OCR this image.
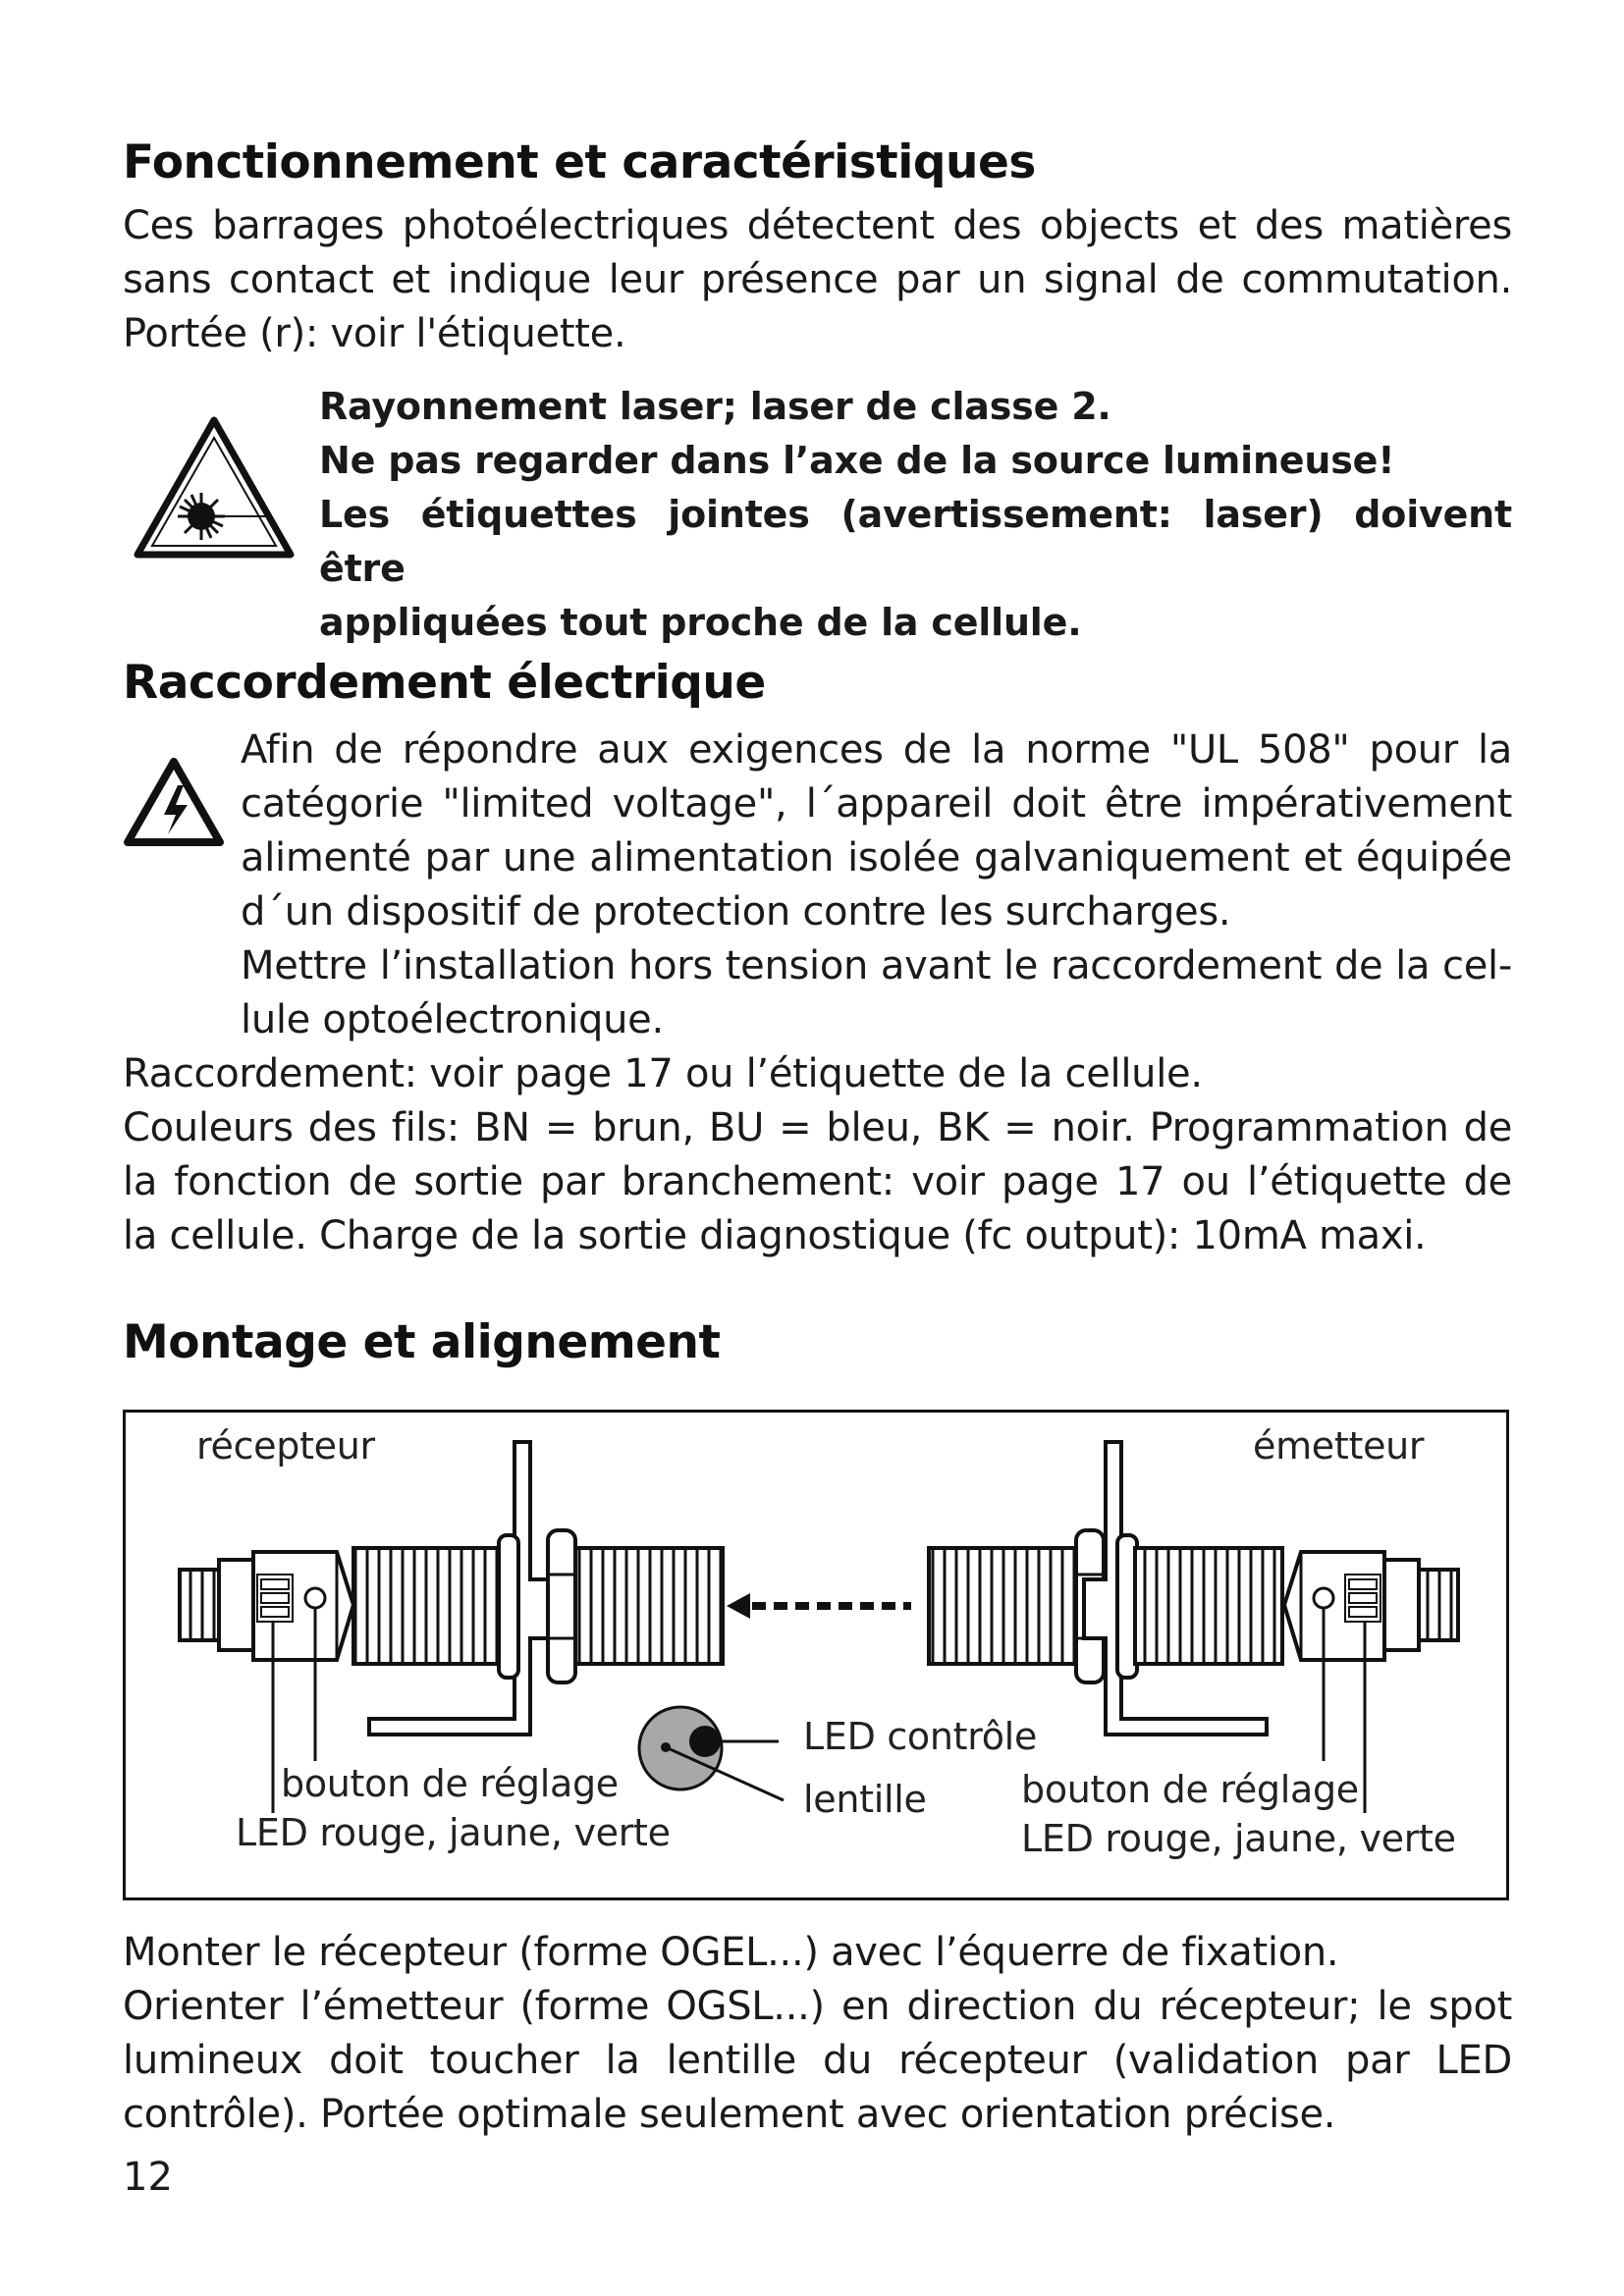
Fonctionnement et caractéristiques
Ces barrages photoélectriques détectent des objects et des matières
sans contact et indique leur présence par un signal de commutation.
Portée (r): voir l'étiquette.
Rayonnement laser; laser de classe 2.
Ne pas regarder dans l’axe de la source lumineuse!
Les étiquettes jointes (avertissement: laser) doivent être
appliquées tout proche de la cellule.
Raccordement électrique
Afin de répondre aux exigences de la norme "UL 508" pour la
catégorie "limited voltage", l´appareil doit être impérativement
alimenté par une alimentation isolée galvaniquement et équipée
d´un dispositif de protection contre les surcharges.
Mettre l’installation hors tension avant le raccordement de la cel-
lule optoélectronique.
Raccordement: voir page 17 ou l’étiquette de la cellule.
Couleurs des fils: BN = brun, BU = bleu, BK = noir. Programmation de
la fonction de sortie par branchement: voir page 17 ou l’étiquette de
la cellule. Charge de la sortie diagnostique (fc output): 10mA maxi.
Montage et alignement
récepteur	émetteur
LED contrôle
lentille
bouton de réglage
LED rouge, jaune, verte
bouton de réglage
LED rouge, jaune, verte
Monter le récepteur (forme OGEL...) avec l’équerre de fixation.
Orienter l’émetteur (forme OGSL...) en direction du récepteur; le spot
lumineux doit toucher la lentille du récepteur (validation par LED
contrôle). Portée optimale seulement avec orientation précise.
12
